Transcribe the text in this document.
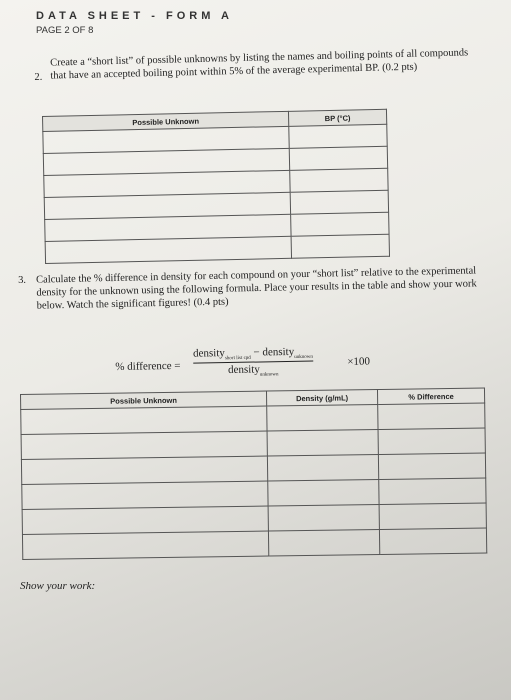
DATA SHEET - FORM A
PAGE 2 OF 8
2.
Create a “short list” of possible unknowns by listing the names and boiling points of all compounds that have an accepted boiling point within 5% of the average experimental BP. (0.2 pts)
Possible Unknown	BP (°C)

3. Calculate the % difference in density for each compound on your “short list” relative to the experimental density for the unknown using the following formula. Place your results in the table and show your work below. Watch the significant figures! (0.4 pts)
% difference =
density$_{short list cpd}$ − density$_{unknown}$
density$_{unknown}$
×100
Possible Unknown	Density (g/mL)	% Difference

Show your work:
